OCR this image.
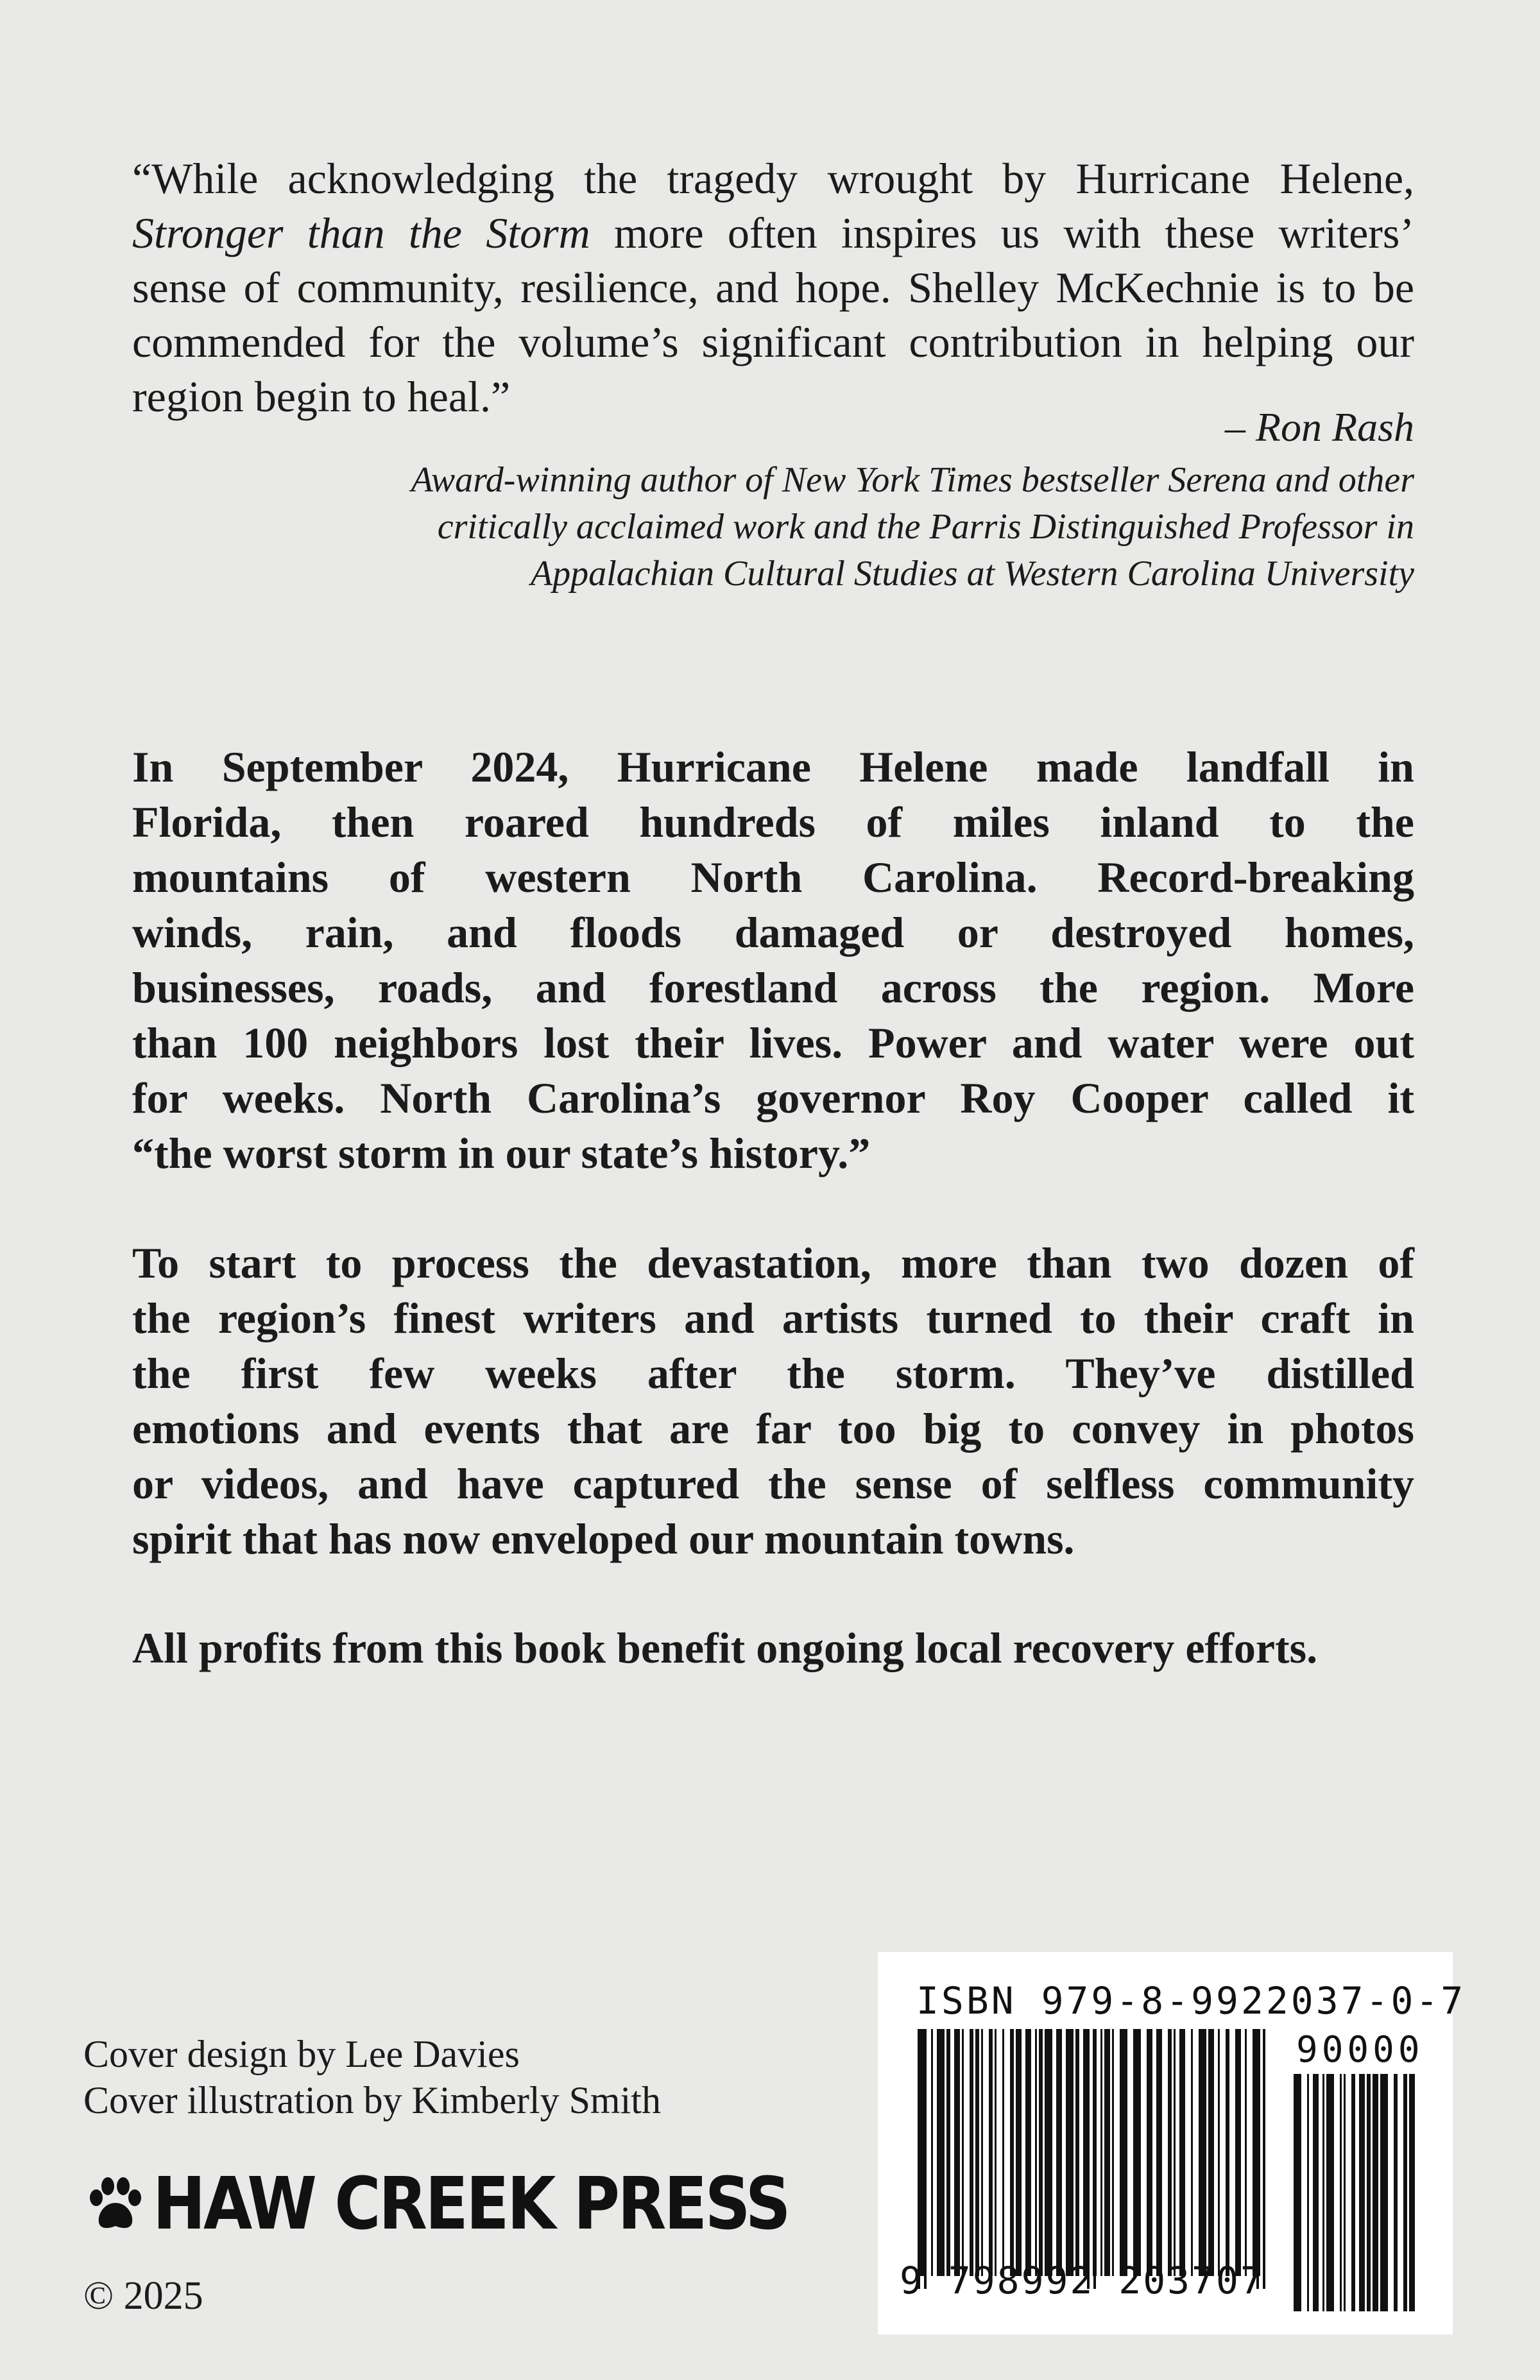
“While acknowledging the tragedy wrought by Hurricane Helene,
Stronger than the Storm more often inspires us with these writers’
sense of community, resilience, and hope. Shelley McKechnie is to be
commended for the volume’s significant contribution in helping our
region begin to heal.”
– Ron Rash
Award-winning author of New York Times bestseller Serena and other
critically acclaimed work and the Parris Distinguished Professor in
Appalachian Cultural Studies at Western Carolina University
In September 2024, Hurricane Helene made landfall in
Florida, then roared hundreds of miles inland to the
mountains of western North Carolina. Record-breaking
winds, rain, and floods damaged or destroyed homes,
businesses, roads, and forestland across the region. More
than 100 neighbors lost their lives. Power and water were out
for weeks. North Carolina’s governor Roy Cooper called it
“the worst storm in our state’s history.”
To start to process the devastation, more than two dozen of
the region’s finest writers and artists turned to their craft in
the first few weeks after the storm. They’ve distilled
emotions and events that are far too big to convey in photos
or videos, and have captured the sense of selfless community
spirit that has now enveloped our mountain towns.
All profits from this book benefit ongoing local recovery efforts.
Cover design by Lee Davies
Cover illustration by Kimberly Smith
HAW CREEK PRESS
© 2025
ISBN 979-8-9922037-0-7
90000
9 798992 203707
